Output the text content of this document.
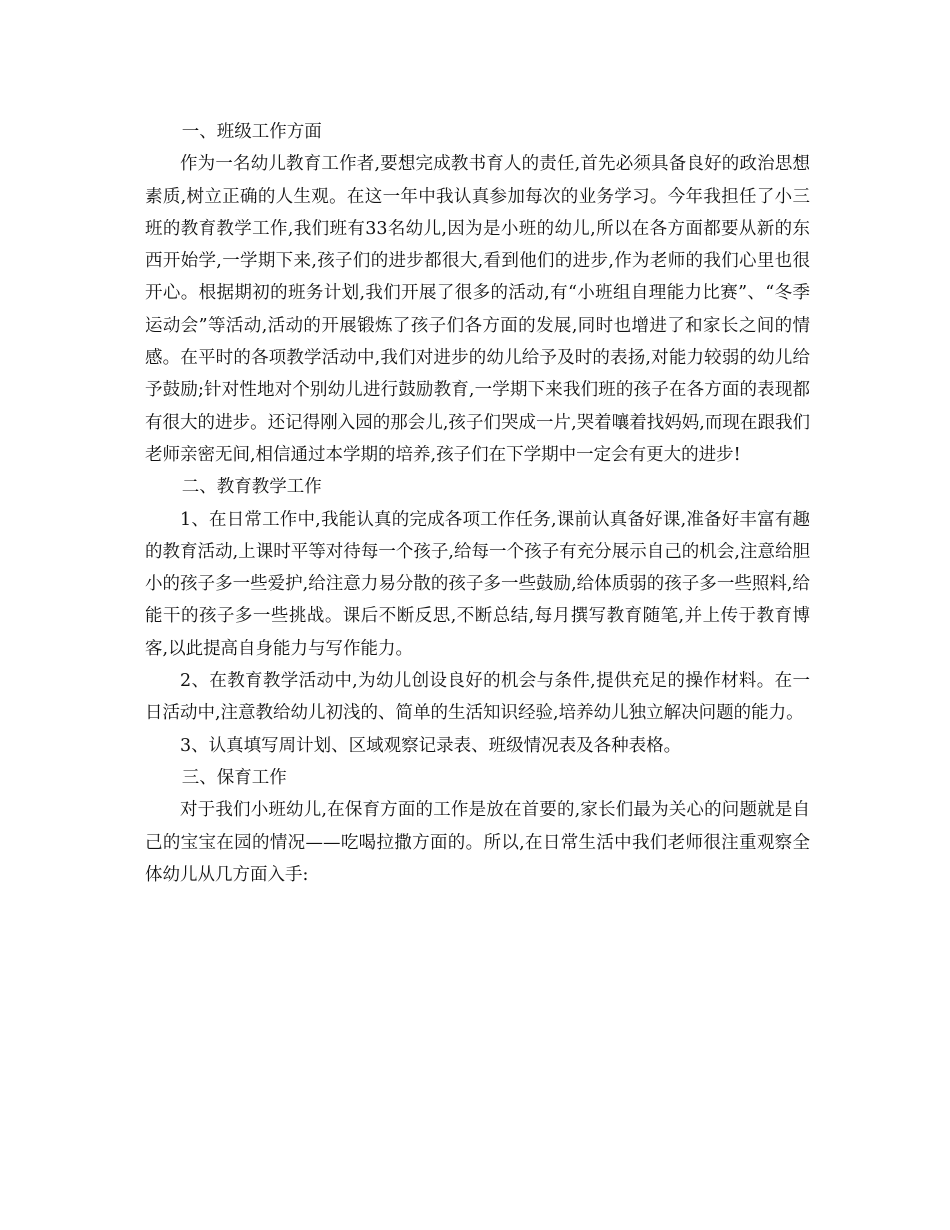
一、班级工作方面

作为一名幼儿教育工作者,要想完成教书育人的责任,首先必须具备良好的政治思想素质,树立正确的人生观。在这一年中我认真参加每次的业务学习。今年我担任了小三班的教育教学工作,我们班有33名幼儿,因为是小班的幼儿,所以在各方面都要从新的东西开始学,一学期下来,孩子们的进步都很大,看到他们的进步,作为老师的我们心里也很开心。根据期初的班务计划,我们开展了很多的活动,有“小班组自理能力比赛”、“冬季运动会”等活动,活动的开展锻炼了孩子们各方面的发展,同时也增进了和家长之间的情感。在平时的各项教学活动中,我们对进步的幼儿给予及时的表扬,对能力较弱的幼儿给予鼓励;针对性地对个别幼儿进行鼓励教育,一学期下来我们班的孩子在各方面的表现都有很大的进步。还记得刚入园的那会儿,孩子们哭成一片,哭着嚷着找妈妈,而现在跟我们老师亲密无间,相信通过本学期的培养,孩子们在下学期中一定会有更大的进步!

二、教育教学工作

1、在日常工作中,我能认真的完成各项工作任务,课前认真备好课,准备好丰富有趣的教育活动,上课时平等对待每一个孩子,给每一个孩子有充分展示自己的机会,注意给胆小的孩子多一些爱护,给注意力易分散的孩子多一些鼓励,给体质弱的孩子多一些照料,给能干的孩子多一些挑战。课后不断反思,不断总结,每月撰写教育随笔,并上传于教育博客,以此提高自身能力与写作能力。

2、在教育教学活动中,为幼儿创设良好的机会与条件,提供充足的操作材料。在一日活动中,注意教给幼儿初浅的、简单的生活知识经验,培养幼儿独立解决问题的能力。

3、认真填写周计划、区域观察记录表、班级情况表及各种表格。

三、保育工作

对于我们小班幼儿,在保育方面的工作是放在首要的,家长们最为关心的问题就是自己的宝宝在园的情况——吃喝拉撒方面的。所以,在日常生活中我们老师很注重观察全体幼儿从几方面入手:
